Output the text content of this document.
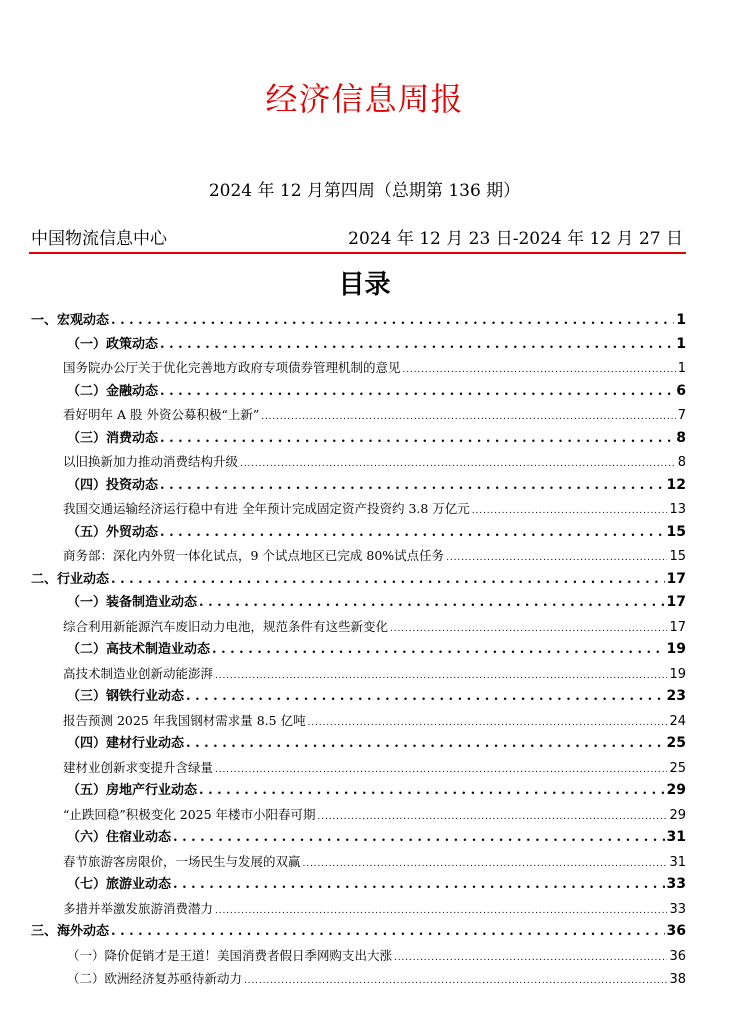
经济信息周报
2024 年 12 月第四周（总期第 136 期）
中国物流信息中心	2024 年 12 月 23 日-2024 年 12 月 27 日
目录
一、宏观动态 . . .	1
（一）政策动态 . . .	1
国务院办公厅关于优化完善地方政府专项债券管理机制的意见 . . .	1
（二）金融动态 . . .	6
看好明年 A 股 外资公募积极“上新” . . .	7
（三）消费动态 . . .	8
以旧换新加力推动消费结构升级 . . .	8
（四）投资动态 . . .	12
我国交通运输经济运行稳中有进 全年预计完成固定资产投资约 3.8 万亿元 . . .	13
（五）外贸动态 . . .	15
商务部：深化内外贸一体化试点，9 个试点地区已完成 80%试点任务 . . .	15
二、行业动态 . . .	17
（一）装备制造业动态 . . .	17
综合利用新能源汽车废旧动力电池，规范条件有这些新变化 . . .	17
（二）高技术制造业动态 . . .	19
高技术制造业创新动能澎湃 . . .	19
（三）钢铁行业动态 . . .	23
报告预测 2025 年我国钢材需求量 8.5 亿吨 . . .	24
（四）建材行业动态 . . .	25
建材业创新求变提升含绿量 . . .	25
（五）房地产行业动态 . . .	29
“止跌回稳”积极变化 2025 年楼市小阳春可期 . . .	29
（六）住宿业动态 . . .	31
春节旅游客房限价，一场民生与发展的双赢 . . .	31
（七）旅游业动态 . . .	33
多措并举激发旅游消费潜力 . . .	33
三、海外动态 . . .	36
（一）降价促销才是王道！美国消费者假日季网购支出大涨 . . .	36
（二）欧洲经济复苏亟待新动力 . . .	38
